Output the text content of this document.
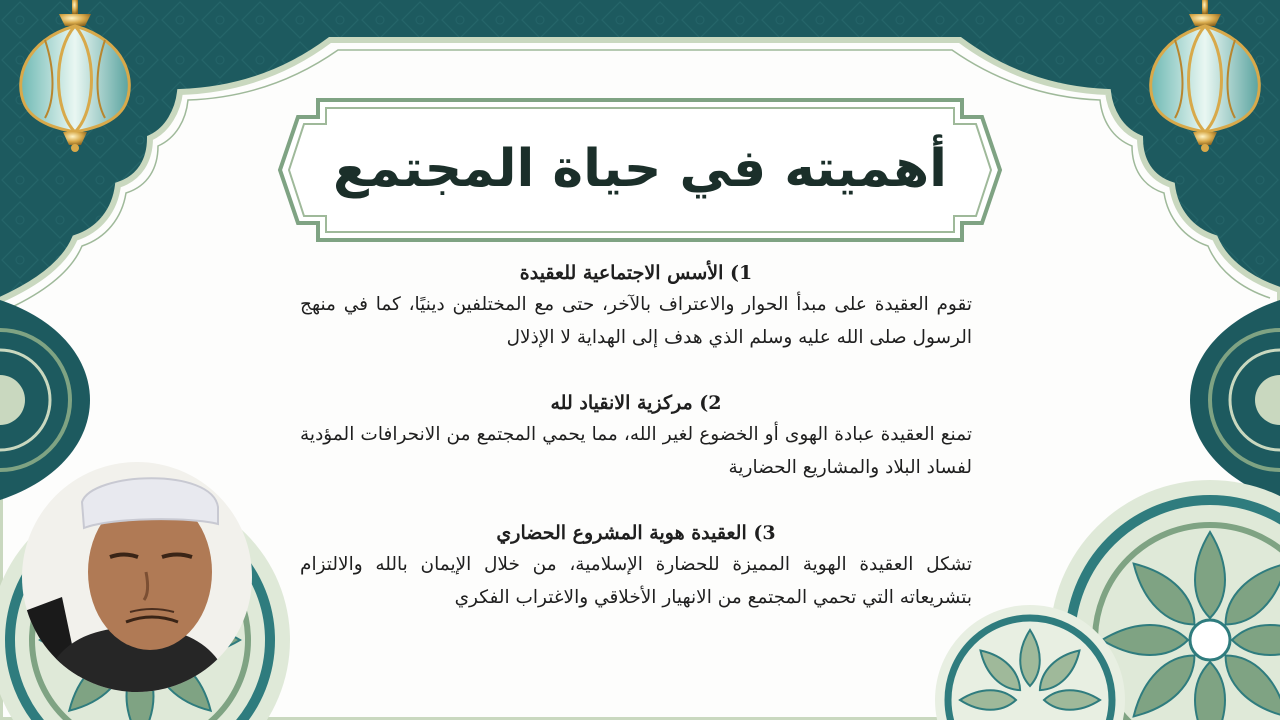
أهميته في حياة المجتمع
1) الأسس الاجتماعية للعقيدة
تقوم العقيدة على مبدأ الحوار والاعتراف بالآخر، حتى مع المختلفين دينيًا، كما في منهج الرسول صلى الله عليه وسلم الذي هدف إلى الهداية لا الإذلال
2) مركزية الانقياد لله
تمنع العقيدة عبادة الهوى أو الخضوع لغير الله، مما يحمي المجتمع من الانحرافات المؤدية لفساد البلاد والمشاريع الحضارية
3) العقيدة هوية المشروع الحضاري
تشكل العقيدة الهوية المميزة للحضارة الإسلامية، من خلال الإيمان بالله والالتزام بتشريعاته التي تحمي المجتمع من الانهيار الأخلاقي والاغتراب الفكري
